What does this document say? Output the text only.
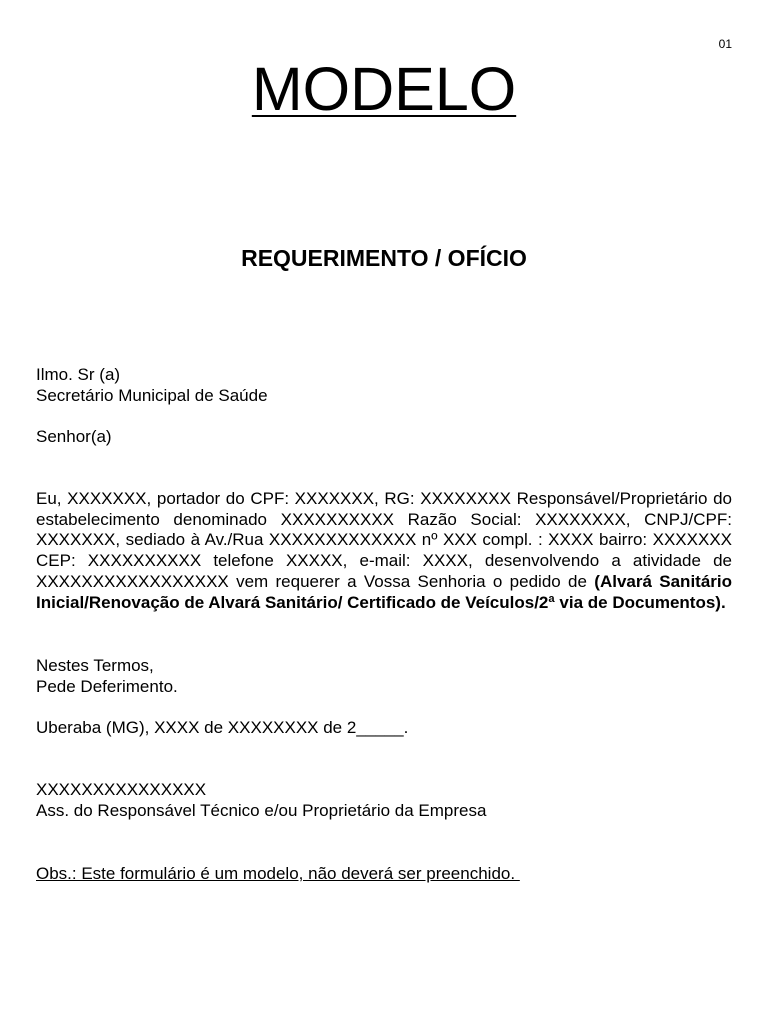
01
MODELO
REQUERIMENTO / OFÍCIO
Ilmo. Sr (a)
Secretário Municipal de Saúde
Senhor(a)
Eu, XXXXXXX, portador do CPF: XXXXXXX, RG: XXXXXXXX Responsável/Proprietário do estabelecimento denominado XXXXXXXXXX Razão Social: XXXXXXXX, CNPJ/CPF: XXXXXXX, sediado à Av./Rua XXXXXXXXXXXXX nº XXX compl. : XXXX bairro: XXXXXXX CEP: XXXXXXXXXX telefone XXXXX, e-mail: XXXX, desenvolvendo a atividade de XXXXXXXXXXXXXXXXX vem requerer a Vossa Senhoria o pedido de (Alvará Sanitário Inicial/Renovação de Alvará Sanitário/ Certificado de Veículos/2ª via de Documentos).
Nestes Termos,
Pede Deferimento.
Uberaba (MG), XXXX de XXXXXXXX de 2_____.
XXXXXXXXXXXXXXX
Ass. do Responsável Técnico e/ou Proprietário da Empresa
Obs.: Este formulário é um modelo, não deverá ser preenchido.
